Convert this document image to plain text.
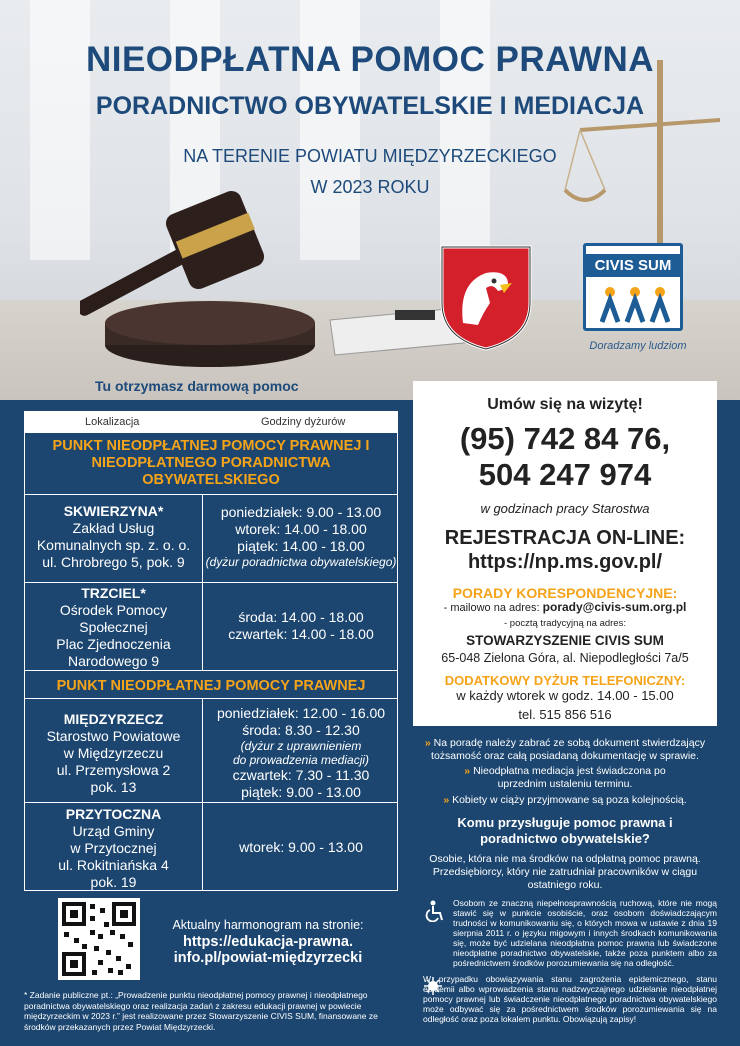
NIEODPŁATNA POMOC PRAWNA
PORADNICTWO OBYWATELSKIE I MEDIACJA
NA TERENIE POWIATU MIĘDZYRZECKIEGO
W 2023 ROKU
CIVIS SUM
Doradzamy ludziom
Tu otrzymasz darmową pomoc
Lokalizacja	Godziny dyżurów
PUNKT NIEODPŁATNEJ POMOCY PRAWNEJ I NIEODPŁATNEGO PORADNICTWA OBYWATELSKIEGO
SKWIERZYNA*
Zakład Usług
Komunalnych sp. z. o. o.
ul. Chrobrego 5, pok. 9
poniedziałek: 9.00 - 13.00
wtorek: 14.00 - 18.00
piątek: 14.00 - 18.00
(dyżur poradnictwa obywatelskiego)
TRZCIEL*
Ośrodek Pomocy
Społecznej
Plac Zjednoczenia
Narodowego 9
środa: 14.00 - 18.00
czwartek: 14.00 - 18.00
PUNKT NIEODPŁATNEJ POMOCY PRAWNEJ
MIĘDZYRZECZ
Starostwo Powiatowe
w Międzyrzeczu
ul. Przemysłowa 2
pok. 13
poniedziałek: 12.00 - 16.00
środa: 8.30 - 12.30
(dyżur z uprawnieniem
do prowadzenia mediacji)
czwartek: 7.30 - 11.30
piątek: 9.00 - 13.00
PRZYTOCZNA
Urząd Gminy
w Przytocznej
ul. Rokitniańska 4
pok. 19
wtorek: 9.00 - 13.00
Umów się na wizytę!
(95) 742 84 76,
504 247 974
w godzinach pracy Starostwa
REJESTRACJA ON-LINE:
https://np.ms.gov.pl/
PORADY KORESPONDENCYJNE:
- mailowo na adres: porady@civis-sum.org.pl
- pocztą tradycyjną na adres:
STOWARZYSZENIE CIVIS SUM
65-048 Zielona Góra, al. Niepodległości 7a/5
DODATKOWY DYŻUR TELEFONICZNY:
w każdy wtorek w godz. 14.00 - 15.00
tel. 515 856 516
» Na poradę należy zabrać ze sobą dokument stwierdzający tożsamość oraz całą posiadaną dokumentację w sprawie.
» Nieodpłatna mediacja jest świadczona po uprzednim ustaleniu terminu.
» Kobiety w ciąży przyjmowane są poza kolejnością.
Komu przysługuje pomoc prawna i poradnictwo obywatelskie?
Osobie, która nie ma środków na odpłatną pomoc prawną. Przedsiębiorcy, który nie zatrudniał pracowników w ciągu ostatniego roku.
Osobom ze znaczną niepełnosprawnością ruchową, które nie mogą stawić się w punkcie osobiście, oraz osobom doświadczającym trudności w komunikowaniu się, o których mowa w ustawie z dnia 19 sierpnia 2011 r. o języku migowym i innych środkach komunikowania się, może być udzielana nieodpłatna pomoc prawna lub świadczone nieodpłatne poradnictwo obywatelskie, także poza punktem albo za pośrednictwem środków porozumiewania się na odległość.
W przypadku obowiązywania stanu zagrożenia epidemicznego, stanu epidemii albo wprowadzenia stanu nadzwyczajnego udzielanie nieodpłatnej pomocy prawnej lub świadczenie nieodpłatnego poradnictwa obywatelskiego może odbywać się za pośrednictwem środków porozumiewania się na odległość oraz poza lokalem punktu. Obowiązują zapisy!
Aktualny harmonogram na stronie:
https://edukacja-prawna.
info.pl/powiat-międzyrzecki
* Zadanie publiczne pt.: „Prowadzenie punktu nieodpłatnej pomocy prawnej i nieodpłatnego poradnictwa obywatelskiego oraz realizacja zadań z zakresu edukacji prawnej w powiecie międzyrzeckim w 2023 r.” jest realizowane przez Stowarzyszenie CIVIS SUM, finansowane ze środków przekazanych przez Powiat Międzyrzecki.
